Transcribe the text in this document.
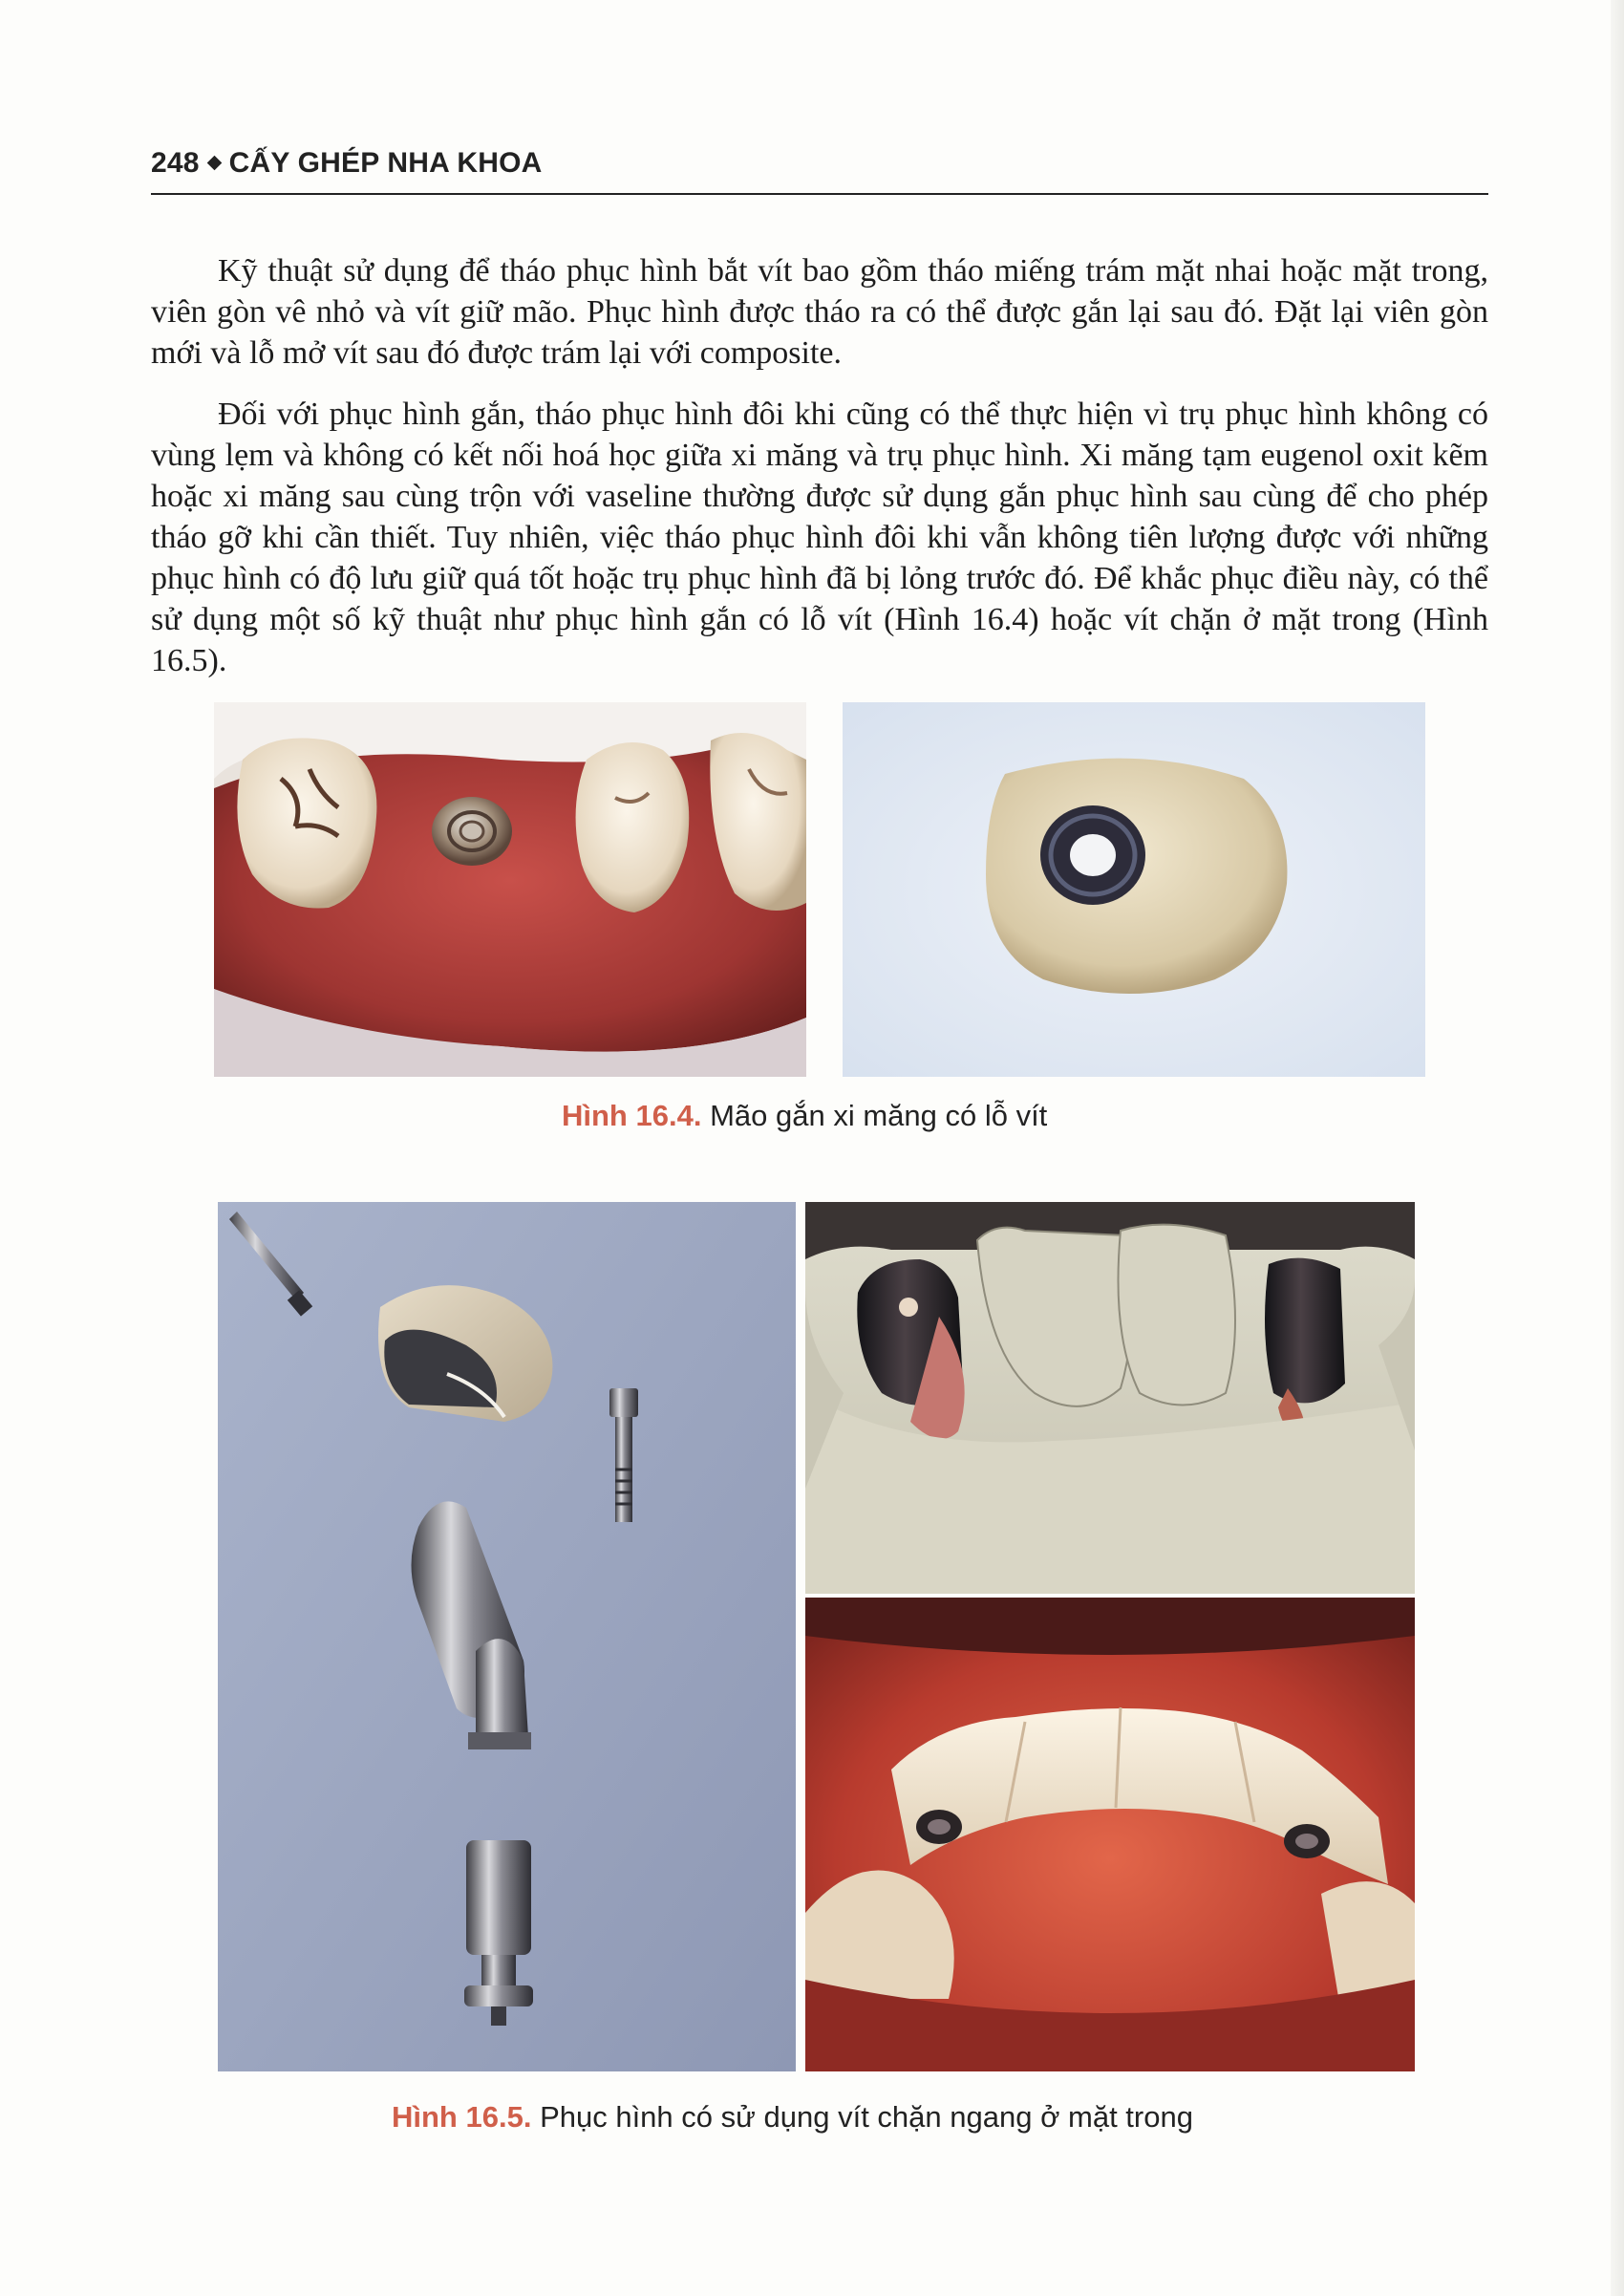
248 CẤY GHÉP NHA KHOA

Kỹ thuật sử dụng để tháo phục hình bắt vít bao gồm tháo miếng trám mặt nhai hoặc mặt trong, viên gòn vê nhỏ và vít giữ mão. Phục hình được tháo ra có thể được gắn lại sau đó. Đặt lại viên gòn mới và lỗ mở vít sau đó được trám lại với composite.

Đối với phục hình gắn, tháo phục hình đôi khi cũng có thể thực hiện vì trụ phục hình không có vùng lẹm và không có kết nối hoá học giữa xi măng và trụ phục hình. Xi măng tạm eugenol oxit kẽm hoặc xi măng sau cùng trộn với vaseline thường được sử dụng gắn phục hình sau cùng để cho phép tháo gỡ khi cần thiết. Tuy nhiên, việc tháo phục hình đôi khi vẫn không tiên lượng được với những phục hình có độ lưu giữ quá tốt hoặc trụ phục hình đã bị lỏng trước đó. Để khắc phục điều này, có thể sử dụng một số kỹ thuật như phục hình gắn có lỗ vít (Hình 16.4) hoặc vít chặn ở mặt trong (Hình 16.5).

Hình 16.4. Mão gắn xi măng có lỗ vít
Hình 16.5. Phục hình có sử dụng vít chặn ngang ở mặt trong
